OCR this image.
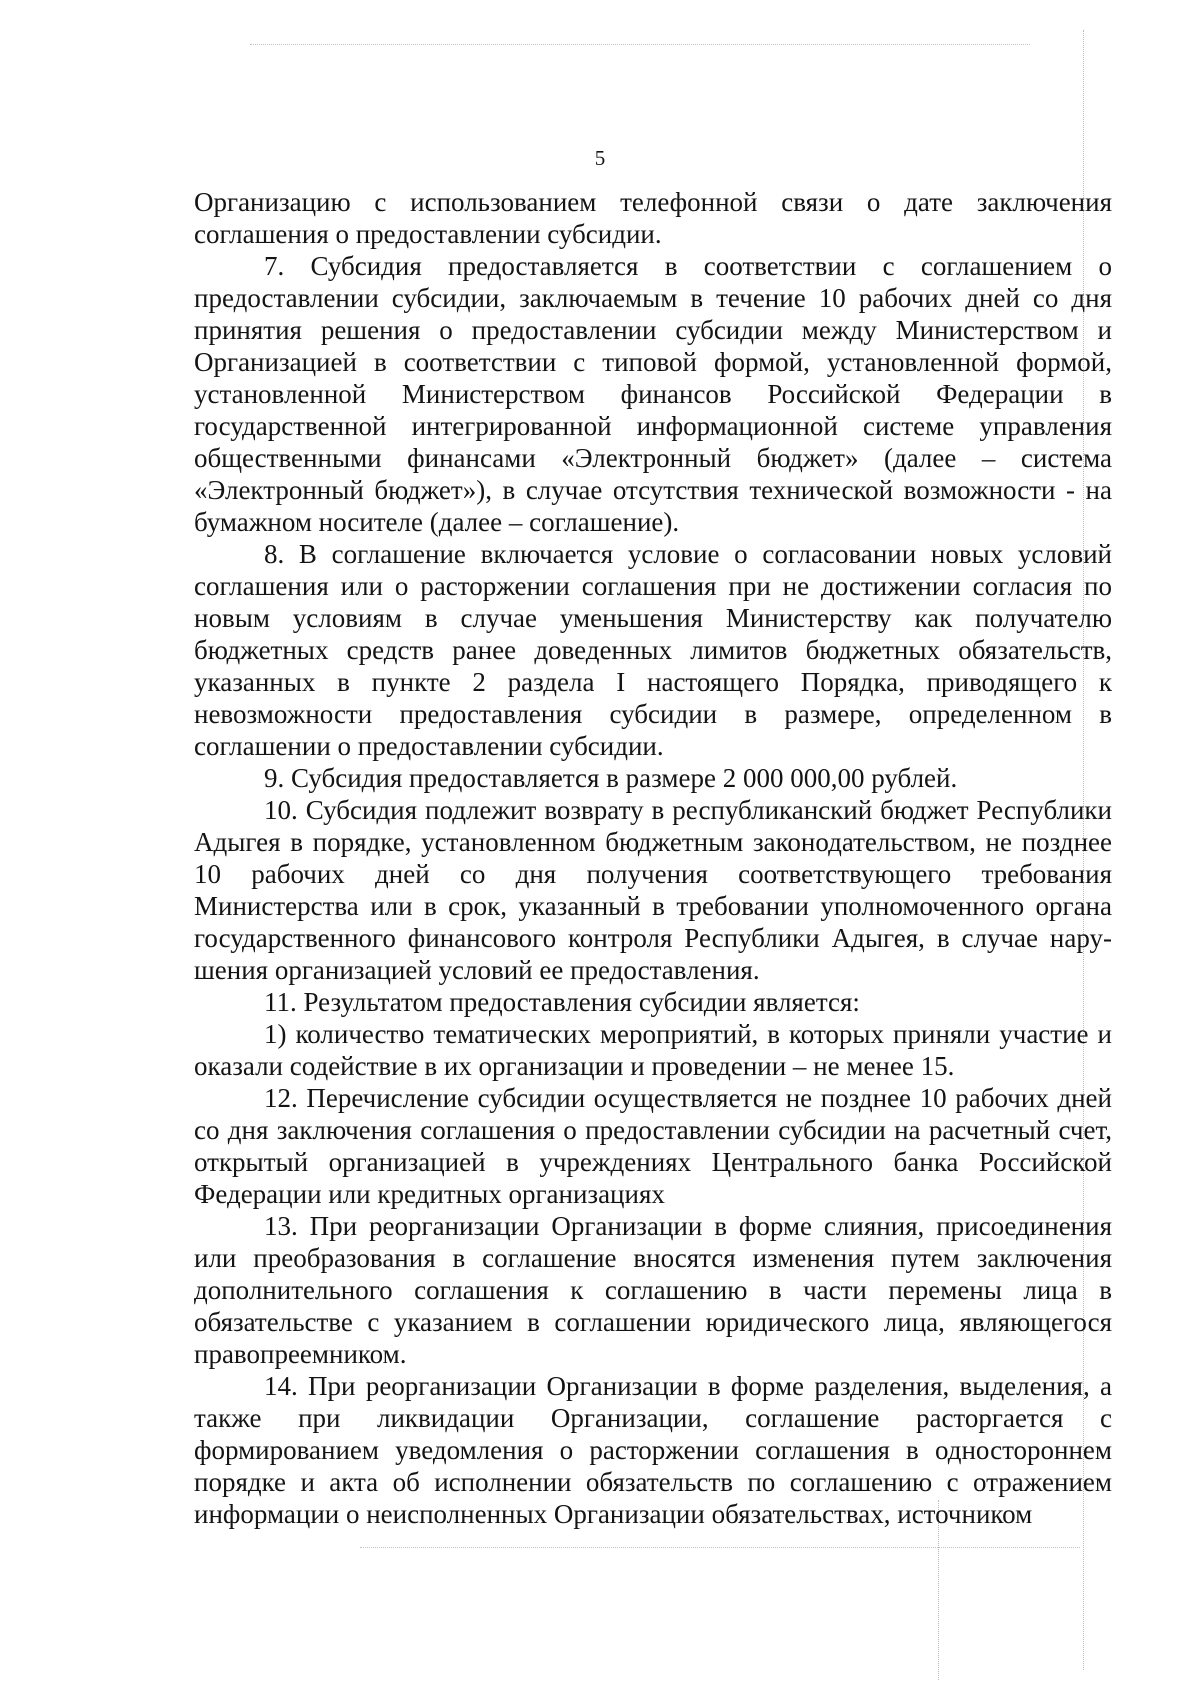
5

Организацию с использованием телефонной связи о дате заключения соглашения о предоставлении субсидии.

7. Субсидия предоставляется в соответствии с соглашением о предоставлении субсидии, заключаемым в течение 10 рабочих дней со дня принятия решения о предоставлении субсидии между Министерством и Организацией в соответствии с типовой формой, установленной формой, установленной Министерством финансов Российской Федерации в государственной интегрированной информационной системе управления общественными финансами «Электронный бюджет» (далее – система «Электронный бюджет»), в случае отсутствия технической возможности - на бумажном носителе (далее – соглашение).

8. В соглашение включается условие о согласовании новых условий соглашения или о расторжении соглашения при не достижении согласия по новым условиям в случае уменьшения Министерству как получателю бюджетных средств ранее доведенных лимитов бюджетных обязательств, указанных в пункте 2 раздела I настоящего Порядка, приводящего к невозможности предоставления субсидии в размере, определенном в соглашении о предоставлении субсидии.

9. Субсидия предоставляется в размере 2 000 000,00 рублей.

10. Субсидия подлежит возврату в республиканский бюджет Республики Адыгея в порядке, установленном бюджетным законодательством, не позднее 10 рабочих дней со дня получения соответствующего требования Министерства или в срок, указанный в требовании уполномоченного органа государственного финансового контроля Республики Адыгея, в случае нарушения организацией условий ее предоставления.

11. Результатом предоставления субсидии является:

1) количество тематических мероприятий, в которых приняли участие и оказали содействие в их организации и проведении – не менее 15.

12. Перечисление субсидии осуществляется не позднее 10 рабочих дней со дня заключения соглашения о предоставлении субсидии на расчетный счет, открытый организацией в учреждениях Центрального банка Российской Федерации или кредитных организациях

13. При реорганизации Организации в форме слияния, присоединения или преобразования в соглашение вносятся изменения путем заключения дополнительного соглашения к соглашению в части перемены лица в обязательстве с указанием в соглашении юридического лица, являющегося правопреемником.

14. При реорганизации Организации в форме разделения, выделения, а также при ликвидации Организации, соглашение расторгается с формированием уведомления о расторжении соглашения в одностороннем порядке и акта об исполнении обязательств по соглашению с отражением информации о неисполненных Организации обязательствах, источником
